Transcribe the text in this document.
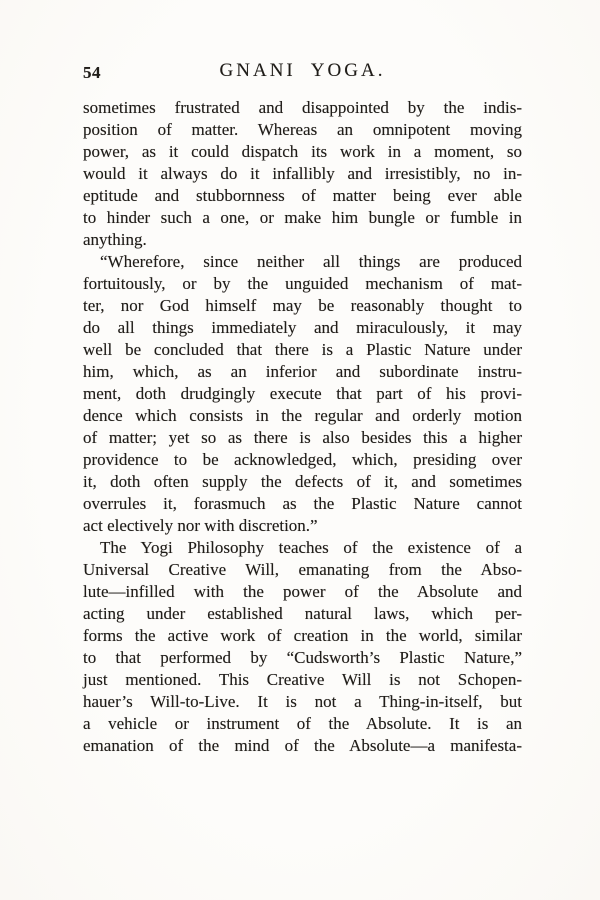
54	GNANI YOGA.
sometimes frustrated and disappointed by the indis-
position of matter. Whereas an omnipotent moving
power, as it could dispatch its work in a moment, so
would it always do it infallibly and irresistibly, no in-
eptitude and stubbornness of matter being ever able
to hinder such a one, or make him bungle or fumble in
anything.
“Wherefore, since neither all things are produced
fortuitously, or by the unguided mechanism of mat-
ter, nor God himself may be reasonably thought to
do all things immediately and miraculously, it may
well be concluded that there is a Plastic Nature under
him, which, as an inferior and subordinate instru-
ment, doth drudgingly execute that part of his provi-
dence which consists in the regular and orderly motion
of matter; yet so as there is also besides this a higher
providence to be acknowledged, which, presiding over
it, doth often supply the defects of it, and sometimes
overrules it, forasmuch as the Plastic Nature cannot
act electively nor with discretion.”
The Yogi Philosophy teaches of the existence of a
Universal Creative Will, emanating from the Abso-
lute—infilled with the power of the Absolute and
acting under established natural laws, which per-
forms the active work of creation in the world, similar
to that performed by “Cudsworth’s Plastic Nature,”
just mentioned. This Creative Will is not Schopen-
hauer’s Will-to-Live. It is not a Thing-in-itself, but
a vehicle or instrument of the Absolute. It is an
emanation of the mind of the Absolute—a manifesta-
